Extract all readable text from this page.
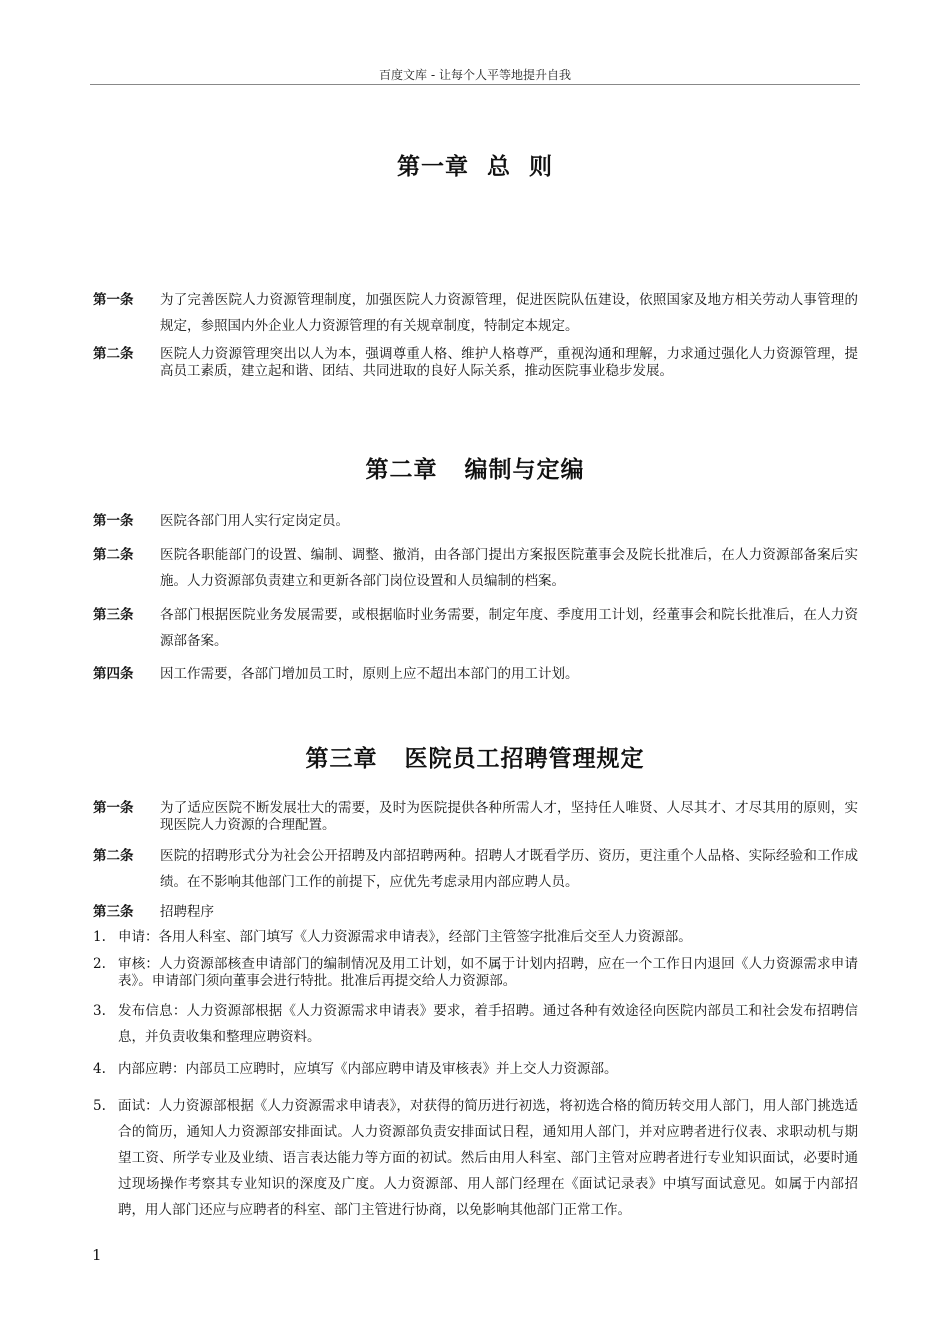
百度文库 - 让每个人平等地提升自我
第一章  总  则
第一条 为了完善医院人力资源管理制度，加强医院人力资源管理，促进医院队伍建设，依照国家及地方相关劳动人事管理的规定，参照国内外企业人力资源管理的有关规章制度，特制定本规定。
第二条 医院人力资源管理突出以人为本，强调尊重人格、维护人格尊严，重视沟通和理解，力求通过强化人力资源管理，提高员工素质，建立起和谐、团结、共同进取的良好人际关系，推动医院事业稳步发展。
第二章   编制与定编
第一条 医院各部门用人实行定岗定员。
第二条 医院各职能部门的设置、编制、调整、撤消，由各部门提出方案报医院董事会及院长批准后，在人力资源部备案后实施。人力资源部负责建立和更新各部门岗位设置和人员编制的档案。
第三条 各部门根据医院业务发展需要，或根据临时业务需要，制定年度、季度用工计划，经董事会和院长批准后，在人力资源部备案。
第四条 因工作需要，各部门增加员工时，原则上应不超出本部门的用工计划。
第三章   医院员工招聘管理规定
第一条 为了适应医院不断发展壮大的需要，及时为医院提供各种所需人才，坚持任人唯贤、人尽其才、才尽其用的原则，实现医院人力资源的合理配置。
第二条 医院的招聘形式分为社会公开招聘及内部招聘两种。招聘人才既看学历、资历，更注重个人品格、实际经验和工作成绩。在不影响其他部门工作的前提下，应优先考虑录用内部应聘人员。
第三条 招聘程序
1. 申请：各用人科室、部门填写《人力资源需求申请表》，经部门主管签字批准后交至人力资源部。
2. 审核：人力资源部核查申请部门的编制情况及用工计划，如不属于计划内招聘，应在一个工作日内退回《人力资源需求申请表》。申请部门须向董事会进行特批。批准后再提交给人力资源部。
3. 发布信息：人力资源部根据《人力资源需求申请表》要求，着手招聘。通过各种有效途径向医院内部员工和社会发布招聘信息，并负责收集和整理应聘资料。
4. 内部应聘：内部员工应聘时，应填写《内部应聘申请及审核表》并上交人力资源部。
5. 面试：人力资源部根据《人力资源需求申请表》，对获得的简历进行初选，将初选合格的简历转交用人部门，用人部门挑选适合的简历，通知人力资源部安排面试。人力资源部负责安排面试日程，通知用人部门，并对应聘者进行仪表、求职动机与期望工资、所学专业及业绩、语言表达能力等方面的初试。然后由用人科室、部门主管对应聘者进行专业知识面试，必要时通过现场操作考察其专业知识的深度及广度。人力资源部、用人部门经理在《面试记录表》中填写面试意见。如属于内部招聘，用人部门还应与应聘者的科室、部门主管进行协商，以免影响其他部门正常工作。
1
